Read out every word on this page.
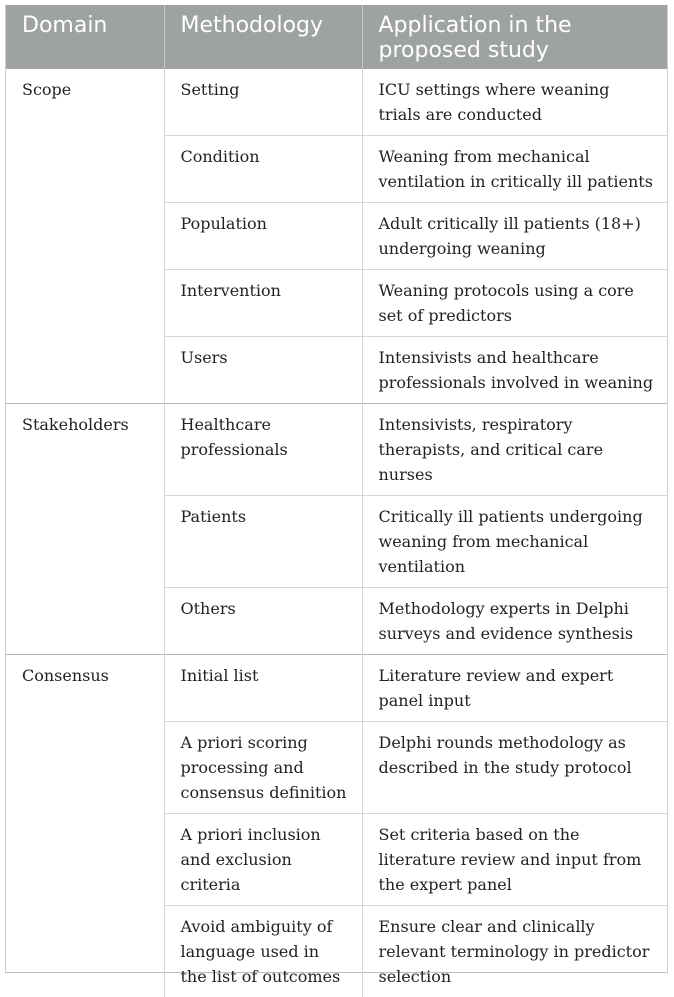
Domain	Methodology	Application in the proposed study
Scope	Setting	ICU settings where weaning trials are conducted
	Condition	Weaning from mechanical ventilation in critically ill patients
	Population	Adult critically ill patients (18+) undergoing weaning
	Intervention	Weaning protocols using a core set of predictors
	Users	Intensivists and healthcare professionals involved in weaning
Stakeholders	Healthcare professionals	Intensivists, respiratory therapists, and critical care nurses
	Patients	Critically ill patients undergoing weaning from mechanical ventilation
	Others	Methodology experts in Delphi surveys and evidence synthesis
Consensus	Initial list	Literature review and expert panel input
	A priori scoring processing and consensus definition	Delphi rounds methodology as described in the study protocol
	A priori inclusion and exclusion criteria	Set criteria based on the literature review and input from the expert panel
	Avoid ambiguity of language used in the list of outcomes	Ensure clear and clinically relevant terminology in predictor selection
